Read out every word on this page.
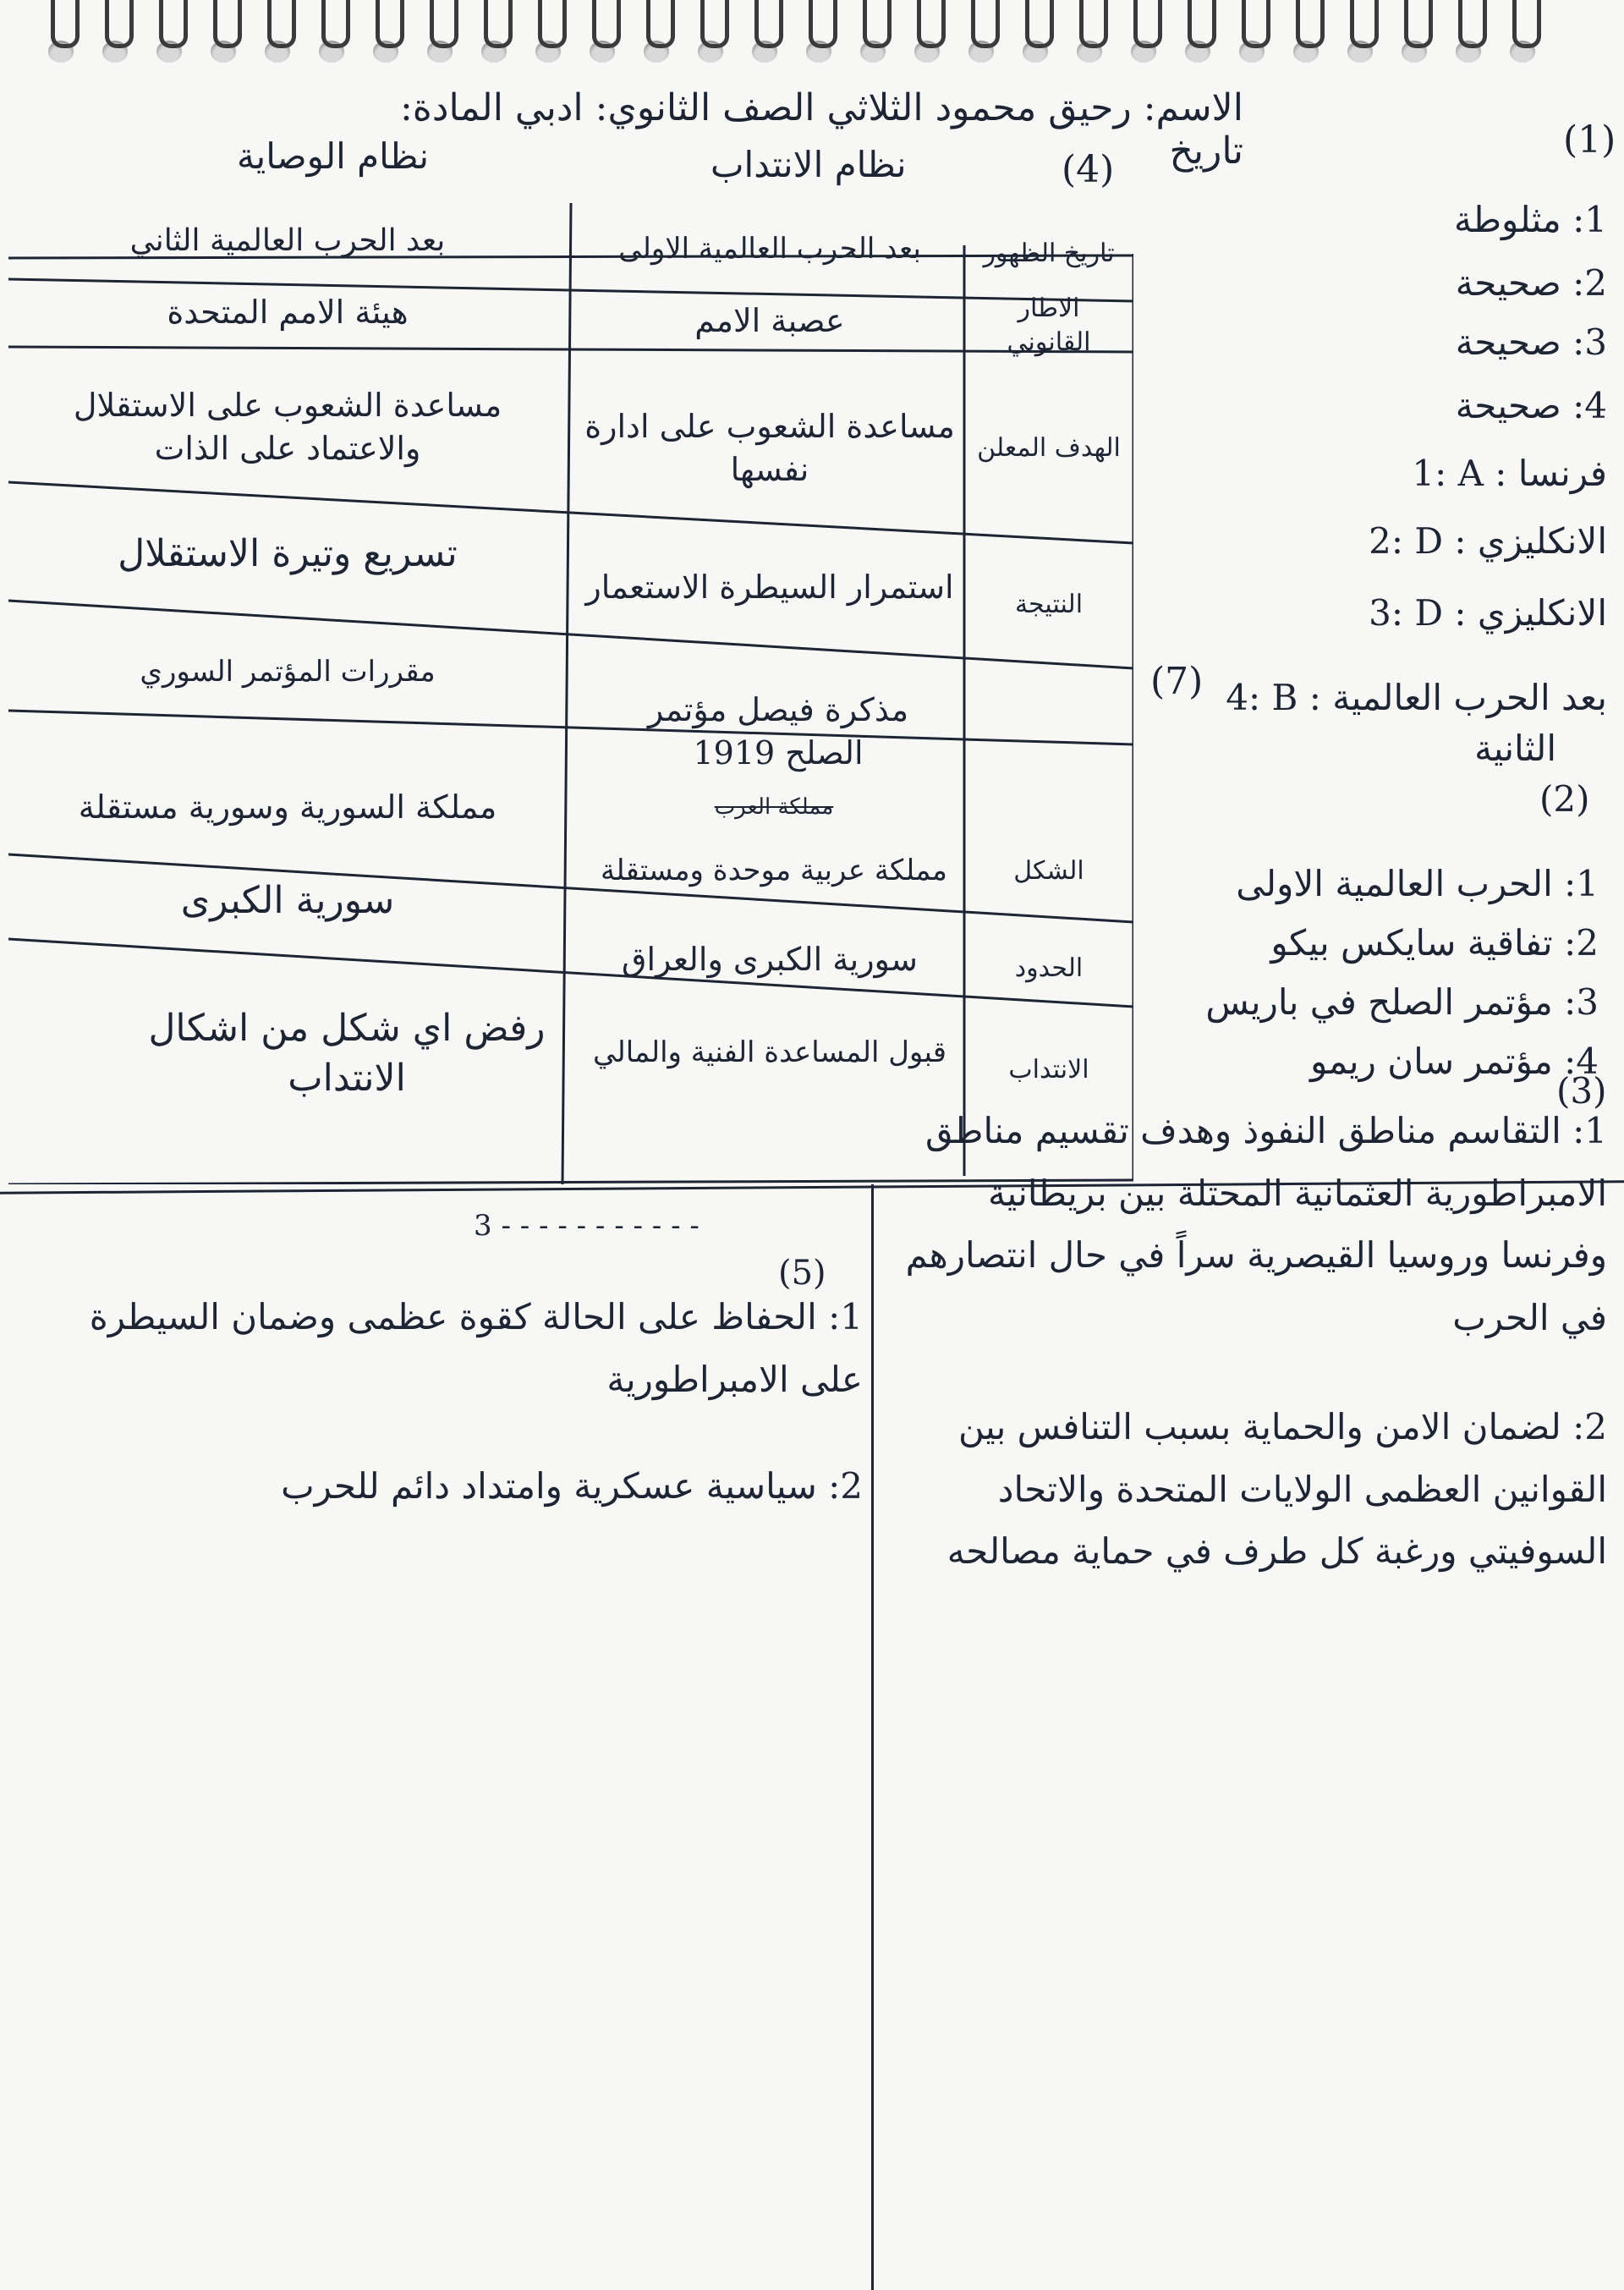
الاسم: رحيق محمود الثلاثي الصف الثانوي: ادبي المادة: تاريخ	(1)
(4)
نظام الانتداب
نظام الوصاية
تاريخ الظهور
بعد الحرب العالمية الاولى
بعد الحرب العالمية الثاني
الاطار القانوني
عصبة الامم
هيئة الامم المتحدة
الهدف المعلن
مساعدة الشعوب على ادارة نفسها
مساعدة الشعوب على الاستقلال والاعتماد على الذات
النتيجة
استمرار السيطرة الاستعمار
تسريع وتيرة الاستقلال
مذكرة فيصل مؤتمر الصلح 1919
مقررات المؤتمر السوري
الشكل
مملكة العرب
مملكة عربية موحدة ومستقلة
مملكة السورية وسورية مستقلة
الحدود
سورية الكبرى والعراق
سورية الكبرى
الانتداب
قبول المساعدة الفنية والمالي
رفض اي شكل من اشكال الانتداب
(7)
1: مثلوطة
2: صحيحة
3: صحيحة
4: صحيحة
1: A : فرنسا
2: D : الانكليزي
3: D : الانكليزي
4: B : بعد الحرب العالمية
الثانية
(2)
1: الحرب العالمية الاولى
2: تفاقية سايكس بيكو
3: مؤتمر الصلح في باريس
4: مؤتمر سان ريمو
(3)
1: التقاسم مناطق النفوذ وهدف تقسيم مناطق الامبراطورية العثمانية المحتلة بين بريطانية وفرنسا وروسيا القيصرية سراً في حال انتصارهم في الحرب
2: لضمان الامن والحماية بسبب التنافس بين القوانين العظمى الولايات المتحدة والاتحاد السوفيتي ورغبة كل طرف في حماية مصالحه
3 - - - - - - - - - - -
(5)
1: الحفاظ على الحالة كقوة عظمى وضمان السيطرة على الامبراطورية
2: سياسية عسكرية وامتداد دائم للحرب
